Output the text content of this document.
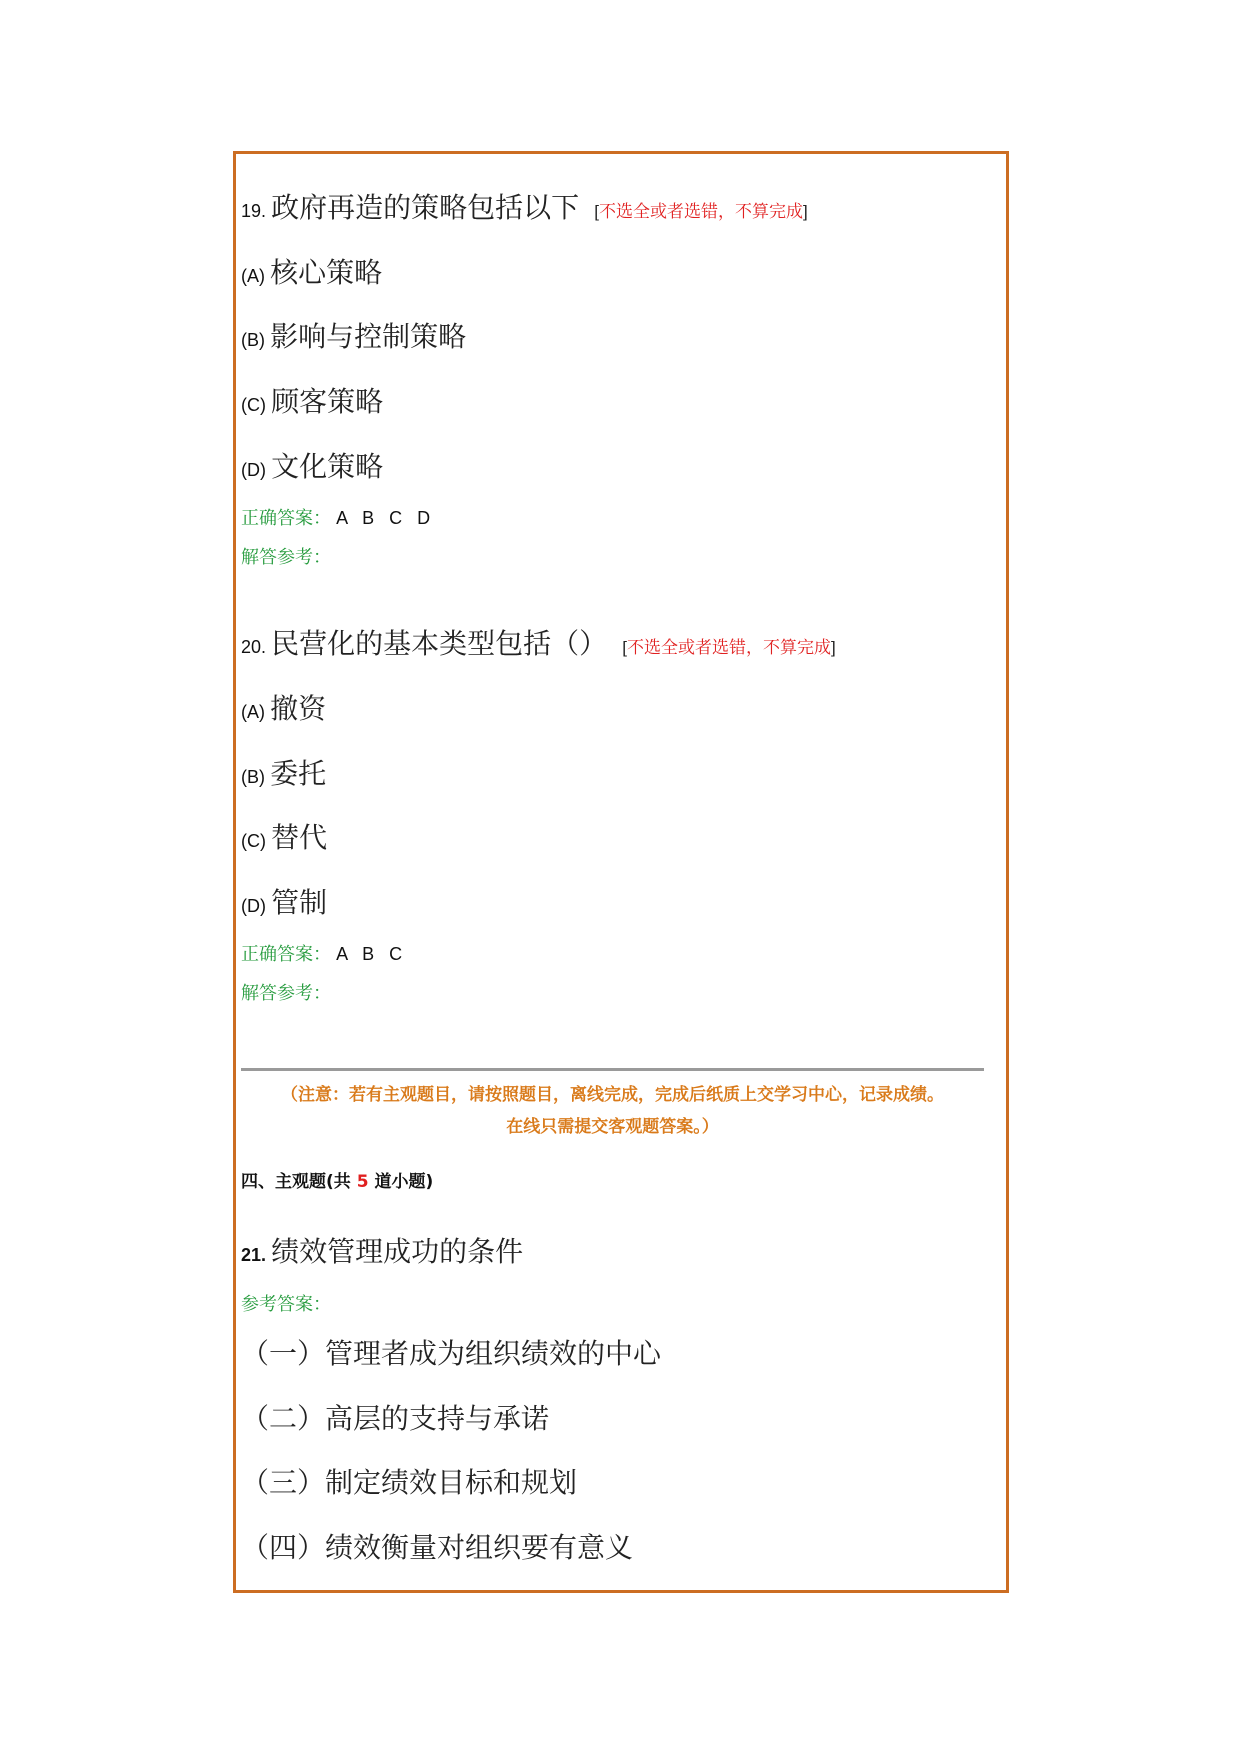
19. 政府再造的策略包括以下 [不选全或者选错，不算完成]
(A) 核心策略
(B) 影响与控制策略
(C) 顾客策略
(D) 文化策略
正确答案： A B C D
解答参考：
20. 民营化的基本类型包括（） [不选全或者选错，不算完成]
(A) 撤资
(B) 委托
(C) 替代
(D) 管制
正确答案： A B C
解答参考：
（注意：若有主观题目，请按照题目，离线完成，完成后纸质上交学习中心，记录成绩。
在线只需提交客观题答案。）
四、主观题(共 5 道小题)
21. 绩效管理成功的条件
参考答案：
（一）管理者成为组织绩效的中心
（二）高层的支持与承诺
（三）制定绩效目标和规划
（四）绩效衡量对组织要有意义
